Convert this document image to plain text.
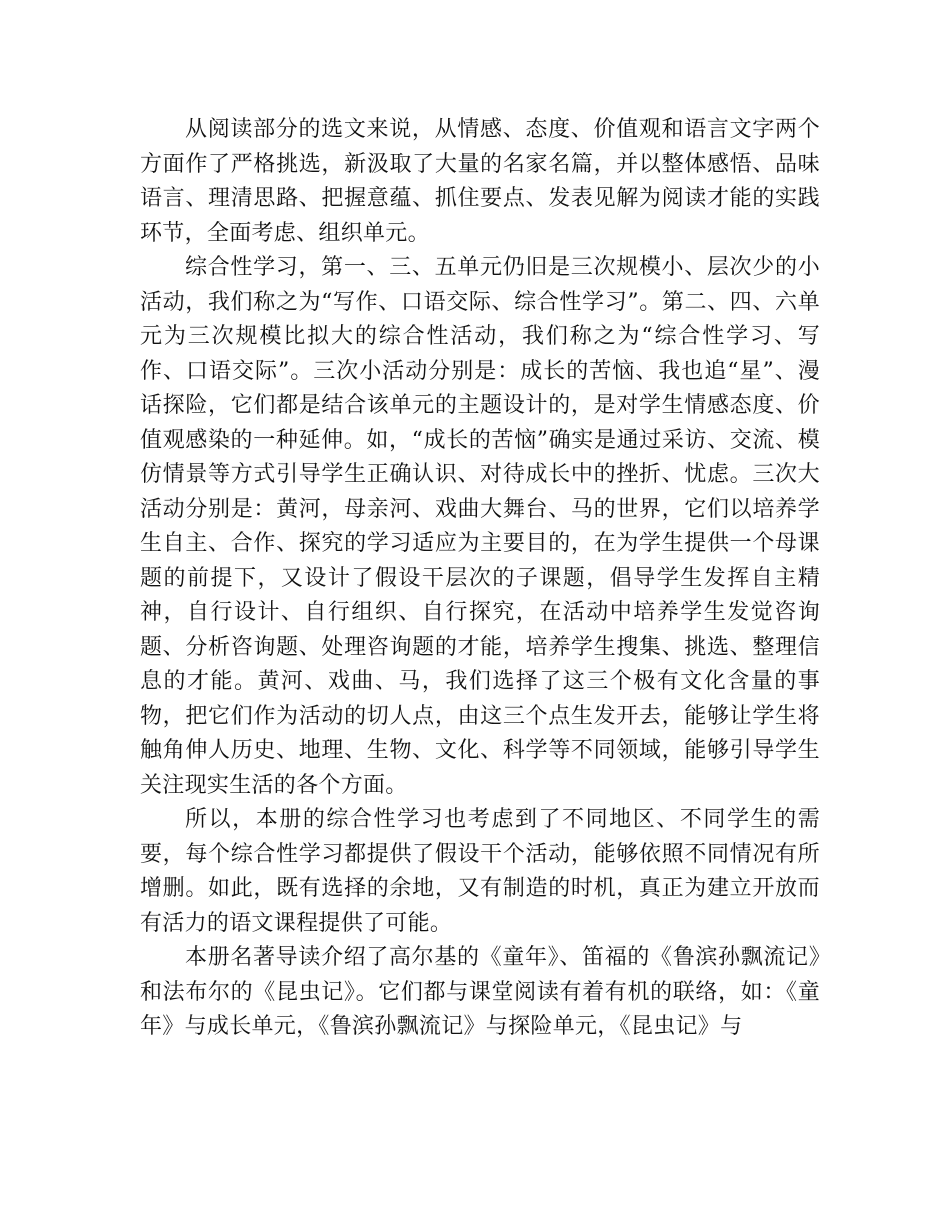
从阅读部分的选文来说，从情感、态度、价值观和语言文字两个方面作了严格挑选，新汲取了大量的名家名篇，并以整体感悟、品味语言、理清思路、把握意蕴、抓住要点、发表见解为阅读才能的实践环节，全面考虑、组织单元。

综合性学习，第一、三、五单元仍旧是三次规模小、层次少的小活动，我们称之为“写作、口语交际、综合性学习”。第二、四、六单元为三次规模比拟大的综合性活动，我们称之为“综合性学习、写作、口语交际”。三次小活动分别是：成长的苦恼、我也追“星”、漫话探险，它们都是结合该单元的主题设计的，是对学生情感态度、价值观感染的一种延伸。如，“成长的苦恼”确实是通过采访、交流、模仿情景等方式引导学生正确认识、对待成长中的挫折、忧虑。三次大活动分别是：黄河，母亲河、戏曲大舞台、马的世界，它们以培养学生自主、合作、探究的学习适应为主要目的，在为学生提供一个母课题的前提下，又设计了假设干层次的子课题，倡导学生发挥自主精神，自行设计、自行组织、自行探究，在活动中培养学生发觉咨询题、分析咨询题、处理咨询题的才能，培养学生搜集、挑选、整理信息的才能。黄河、戏曲、马，我们选择了这三个极有文化含量的事物，把它们作为活动的切人点，由这三个点生发开去，能够让学生将触角伸人历史、地理、生物、文化、科学等不同领域，能够引导学生关注现实生活的各个方面。

所以，本册的综合性学习也考虑到了不同地区、不同学生的需要，每个综合性学习都提供了假设干个活动，能够依照不同情况有所增删。如此，既有选择的余地，又有制造的时机，真正为建立开放而有活力的语文课程提供了可能。

本册名著导读介绍了高尔基的《童年》、笛福的《鲁滨孙飘流记》和法布尔的《昆虫记》。它们都与课堂阅读有着有机的联络，如：《童年》与成长单元，《鲁滨孙飘流记》与探险单元，《昆虫记》与
